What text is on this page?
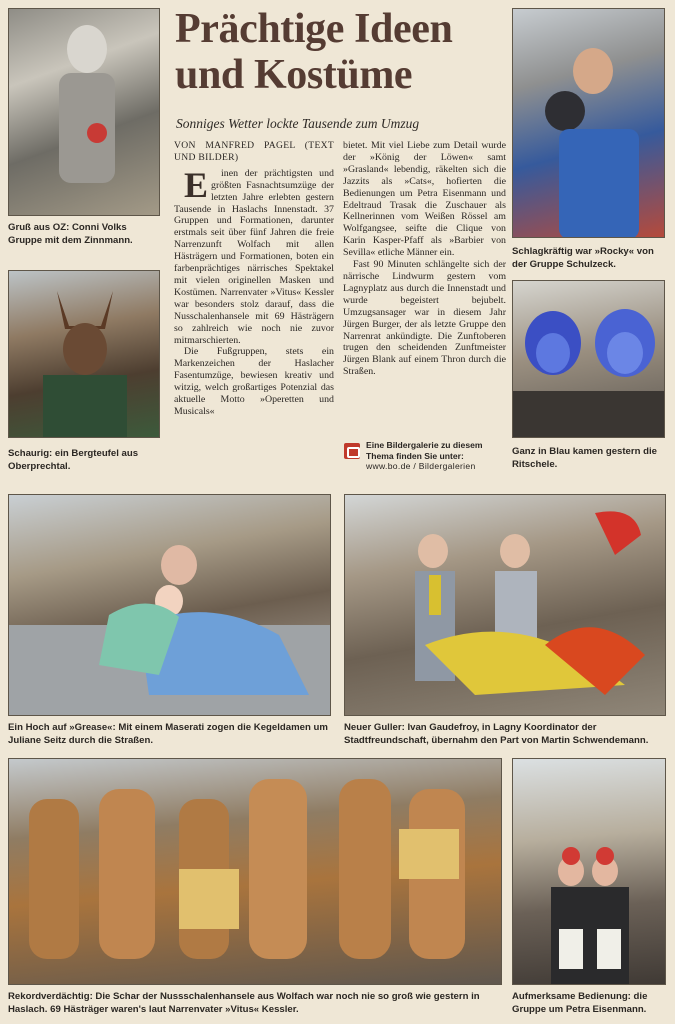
Gruß aus OZ: Conni Volks Gruppe mit dem Zinnmann.
Schaurig: ein Bergteufel aus Oberprechtal.
Prächtige Ideen
und Kostüme
Sonniges Wetter lockte Tausende zum Umzug

VON MANFRED PAGEL (TEXT UND BILDER)

E	inen der prächtigsten und größten Fasnachtsumzüge der letzten Jahre erlebten gestern Tausende in Haslachs Innenstadt. 37 Gruppen und Formationen, darunter erstmals seit über fünf Jahren die freie Narrenzunft Wolfach mit allen Hästrägern und Formationen, boten ein farbenprächtiges närrisches Spektakel mit vielen originellen Masken und Kostümen. Narrenvater »Vitus« Kessler war besonders stolz darauf, dass die Nusschalenhansele mit 69 Hästrägern so zahlreich wie noch nie zuvor mitmarschierten.

Die Fußgruppen, stets ein Markenzeichen der Haslacher Fasentumzüge, bewiesen kreativ und witzig, welch großartiges Potenzial das aktuelle Motto »Operetten und Musicals«

bietet. Mit viel Liebe zum Detail wurde der »König der Löwen« samt »Grasland« lebendig, räkelten sich die Jazzits als »Cats«, hofierten die Bedienungen um Petra Eisenmann und Edeltraud Trasak die Zuschauer als Kellnerinnen vom Weißen Rössel am Wolfgangsee, seifte die Clique von Karin Kasper-Pfaff als »Barbier von Sevilla« etliche Männer ein.

Fast 90 Minuten schlängelte sich der närrische Lindwurm gestern vom Lagnyplatz aus durch die Innenstadt und wurde begeistert bejubelt. Umzugsansager war in diesem Jahr Jürgen Burger, der als letzte Gruppe den Narrenrat ankündigte. Die Zunftoberen trugen den scheidenden Zunftmeister Jürgen Blank auf einem Thron durch die Straßen.

Eine Bildergalerie zu diesem Thema finden Sie unter:
www.bo.de / Bildergalerien
Schlagkräftig war »Rocky« von der Gruppe Schulzeck.
Ganz in Blau kamen gestern die Ritschele.
Ein Hoch auf »Grease«: Mit einem Maserati zogen die Kegeldamen um Juliane Seitz durch die Straßen.
Neuer Guller: Ivan Gaudefroy, in Lagny Koordinator der Stadtfreundschaft, übernahm den Part von Martin Schwendemann.
Rekordverdächtig: Die Schar der Nussschalenhansele aus Wolfach war noch nie so groß wie gestern in Haslach. 69 Hästräger waren's laut Narrenvater »Vitus« Kessler.
Aufmerksame Bedienung: die Gruppe um Petra Eisenmann.
